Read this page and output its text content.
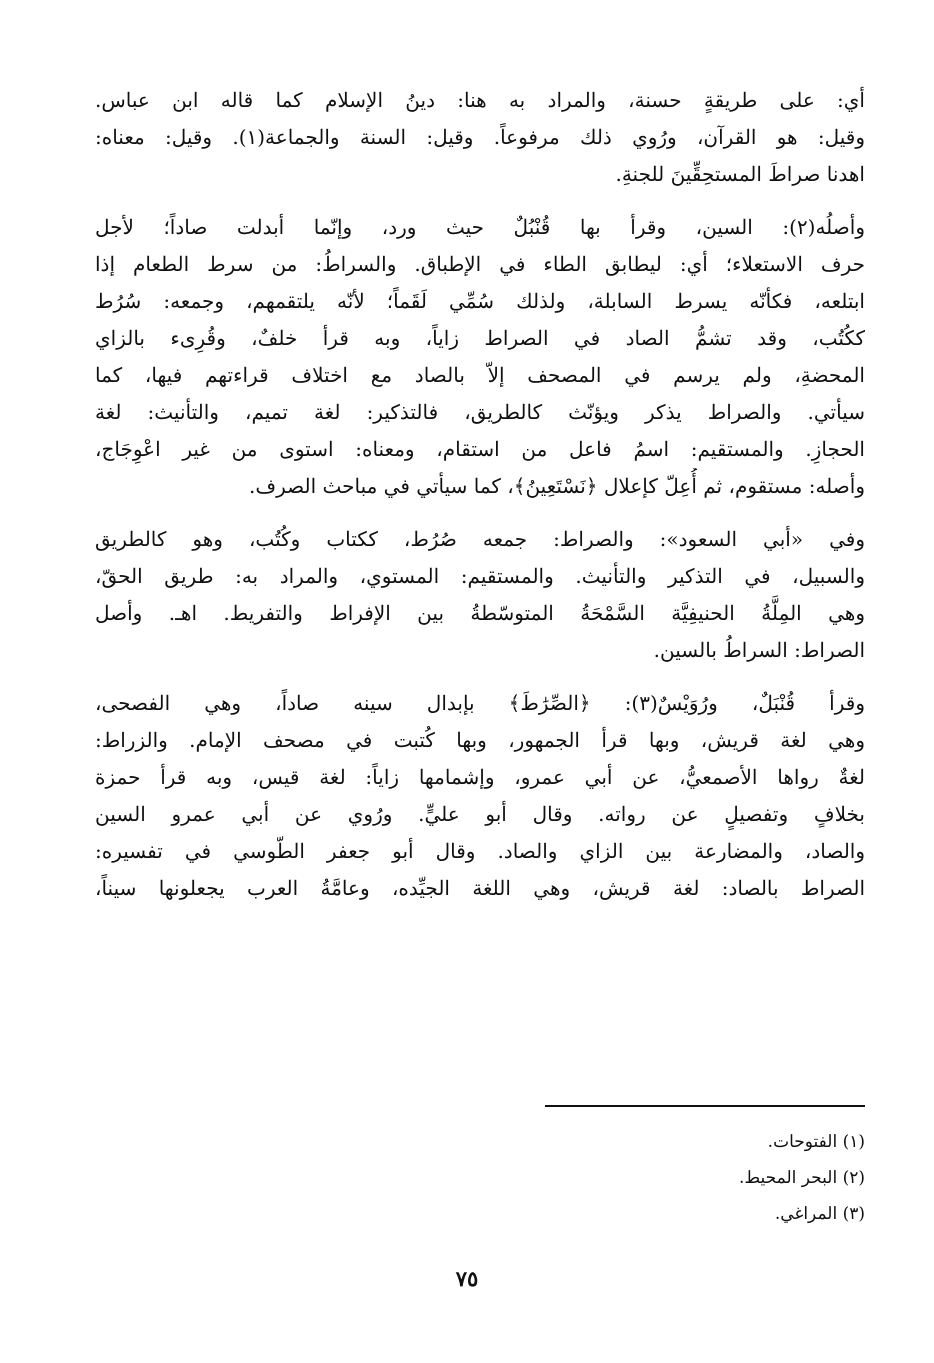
أي: على طريقةٍ حسنة، والمراد به هنا: دينُ الإسلام كما قاله ابن عباس.
وقيل: هو القرآن، ورُوي ذلك مرفوعاً. وقيل: السنة والجماعة(١). وقيل: معناه:
اهدنا صراطَ المستحِقِّينَ للجنةِ.
وأصلُه(٢): السين، وقرأ بها قُنْبُلٌ حيث ورد، وإنّما أبدلت صاداً؛ لأجل
حرف الاستعلاء؛ أي: ليطابق الطاء في الإطباق. والسراطُ: من سرط الطعام إذا
ابتلعه، فكأنّه يسرط السابلة، ولذلك سُمِّي لَقَماً؛ لأنّه يلتقمهم، وجمعه: سُرُط
ككُتُب، وقد تشمُّ الصاد في الصراط زاياً، وبه قرأ خلفٌ، وقُرِىء بالزاي
المحضةِ، ولم يرسم في المصحف إلاّ بالصاد مع اختلاف قراءتهم فيها، كما
سيأتي. والصراط يذكر ويؤنّث كالطريق، فالتذكير: لغة تميم، والتأنيث: لغة
الحجازِ. والمستقيم: اسمُ فاعل من استقام، ومعناه: استوى من غير اعْوِجَاج،
وأصله: مستقوم، ثم أُعِلّ كإعلال ﴿نَسْتَعِينُ﴾، كما سيأتي في مباحث الصرف.
وفي «أبي السعود»: والصراط: جمعه صُرُط، ككتاب وكُتُب، وهو كالطريق
والسبيل، في التذكير والتأنيث. والمستقيم: المستوي، والمراد به: طريق الحقّ،
وهي المِلَّةُ الحنيفِيَّة السَّمْحَةُ المتوسّطةُ بين الإفراط والتفريط. اهـ. وأصل
الصراط: السراطُ بالسين.
وقرأ قُنْبَلٌ، ورُوَيْسٌ(٣): ﴿الصِّرَٰطَ﴾ بإبدال سينه صاداً، وهي الفصحى،
وهي لغة قريش، وبها قرأ الجمهور، وبها كُتبت في مصحف الإمام. والزراط:
لغةٌ رواها الأصمعيُّ، عن أبي عمرو، وإشمامها زاياً: لغة قيس، وبه قرأ حمزة
بخلافٍ وتفصيلٍ عن رواته. وقال أبو عليٍّ. ورُوي عن أبي عمرو السين
والصاد، والمضارعة بين الزاي والصاد. وقال أبو جعفر الطّوسي في تفسيره:
الصراط بالصاد: لغة قريش، وهي اللغة الجيِّده، وعامَّةُ العرب يجعلونها سيناً،
(١) الفتوحات.
(٢) البحر المحيط.
(٣) المراغي.
٧٥
